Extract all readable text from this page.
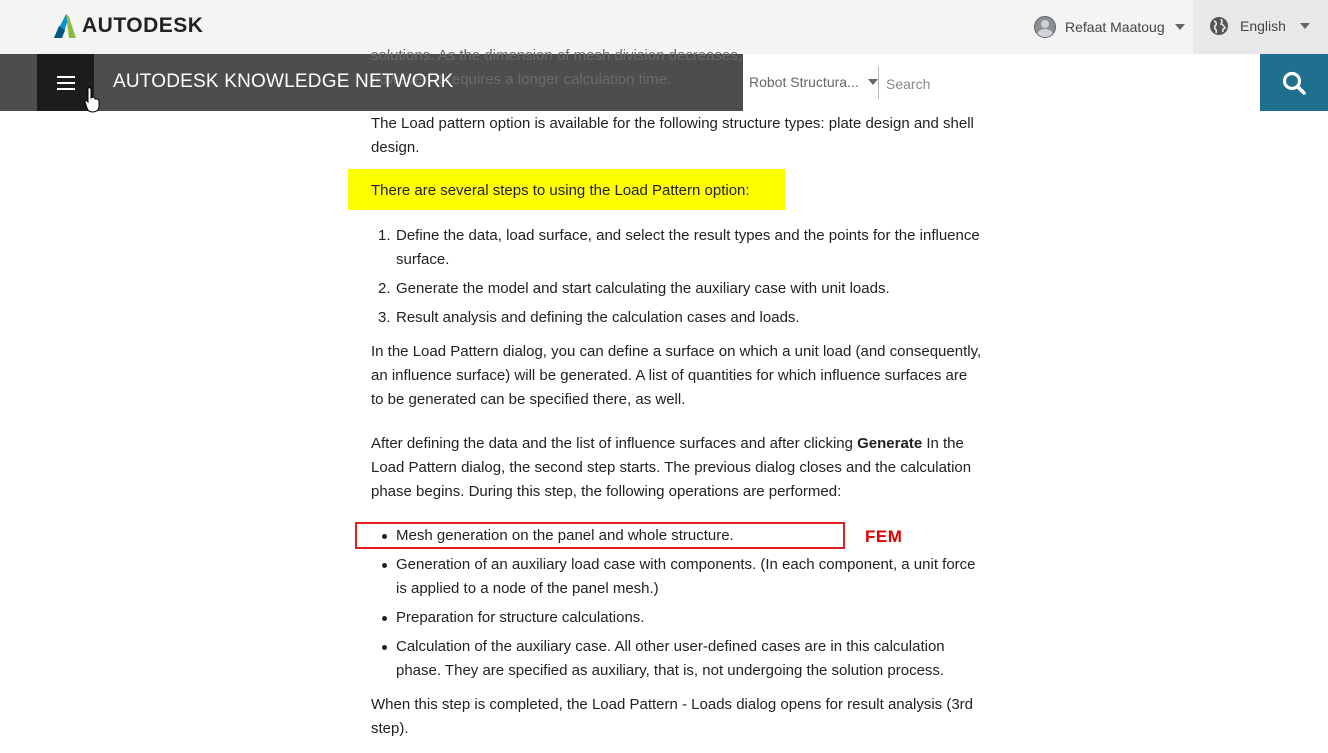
The Load pattern option is available for the following structure types: plate design and shell design.

There are several steps to using the Load Pattern option:
1. Define the data, load surface, and select the result types and the points for the influence surface.
2. Generate the model and start calculating the auxiliary case with unit loads.
3. Result analysis and defining the calculation cases and loads.

In the Load Pattern dialog, you can define a surface on which a unit load (and consequently, an influence surface) will be generated. A list of quantities for which influence surfaces are to be generated can be specified there, as well.

After defining the data and the list of influence surfaces and after clicking Generate In the Load Pattern dialog, the second step starts. The previous dialog closes and the calculation phase begins. During this step, the following operations are performed:

Mesh generation on the panel and whole structure.
Generation of an auxiliary load case with components. (In each component, a unit force is applied to a node of the panel mesh.)
Preparation for structure calculations.
Calculation of the auxiliary case. All other user-defined cases are in this calculation phase. They are specified as auxiliary, that is, not undergoing the solution process.

When this step is completed, the Load Pattern - Loads dialog opens for result analysis (3rd step).

FEM
AUTODESK	Refaat Maatoug	English

solutions. As the dimension of mesh division decreases,

however, it requires a longer calculation time.

AUTODESK KNOWLEDGE NETWORK	Robot Structura...
Search
